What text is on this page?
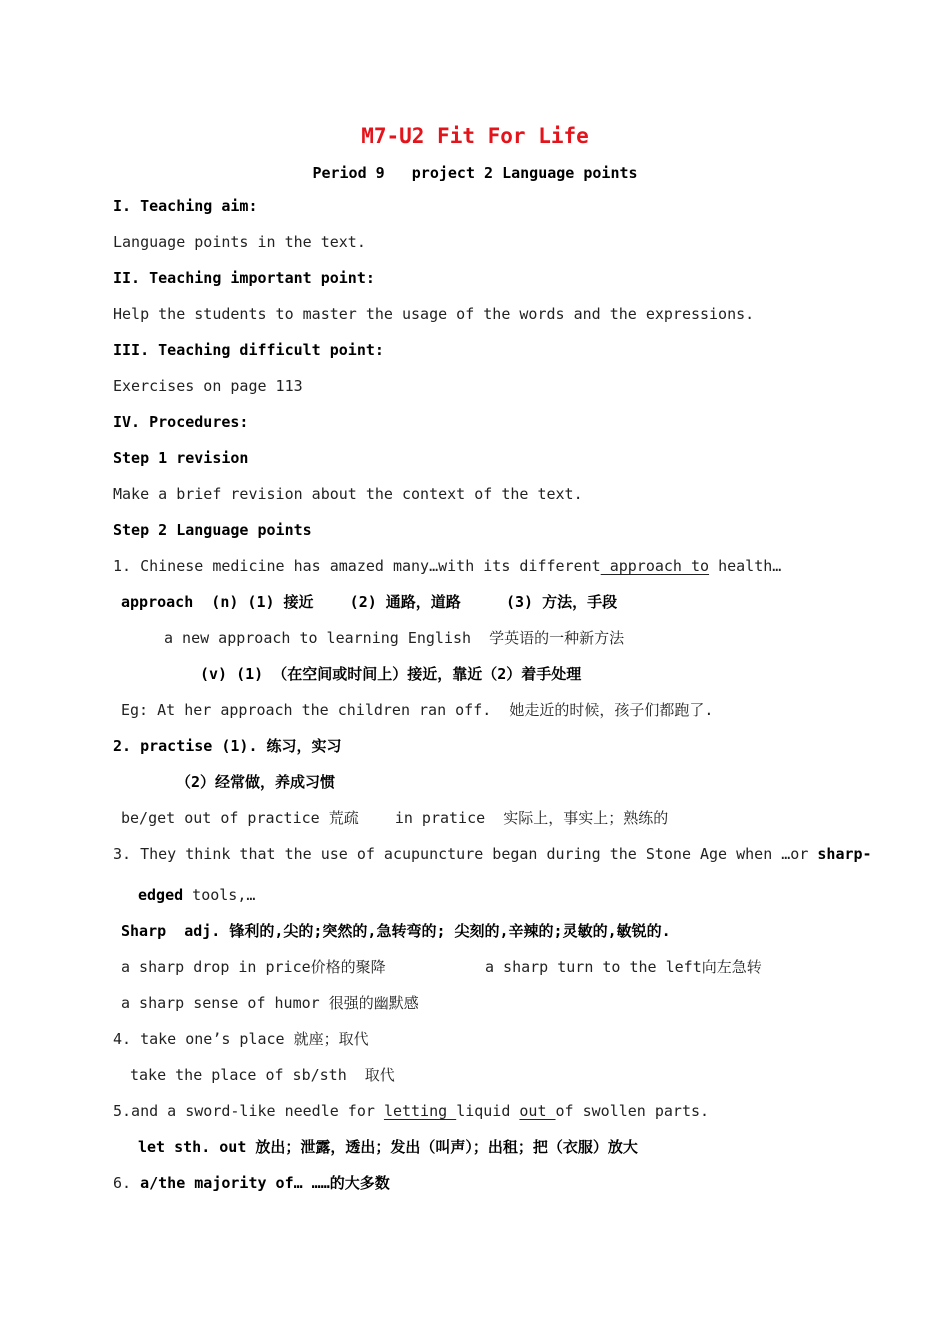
M7-U2 Fit For Life
Period 9   project 2 Language points
I. Teaching aim:
Language points in the text.
II. Teaching important point:
Help the students to master the usage of the words and the expressions.
III. Teaching difficult point:
Exercises on page 113
IV. Procedures:
Step 1 revision
Make a brief revision about the context of the text.
Step 2 Language points
1. Chinese medicine has amazed many…with its different approach to health…
approach  (n) (1) 接近    (2) 通路，道路     (3) 方法，手段
a new approach to learning English  学英语的一种新方法
(v) (1) （在空间或时间上）接近，靠近（2）着手处理
Eg: At her approach the children ran off.  她走近的时候，孩子们都跑了.
2. practise (1). 练习，实习
（2）经常做，养成习惯
be/get out of practice 荒疏    in pratice  实际上，事实上；熟练的
3. They think that the use of acupuncture began during the Stone Age when …or sharp-
edged tools,…
Sharp  adj. 锋利的,尖的;突然的,急转弯的; 尖刻的,辛辣的;灵敏的,敏锐的.
a sharp drop in price价格的聚降	a sharp turn to the left向左急转
a sharp sense of humor 很强的幽默感
4. take one’s place 就座；取代
take the place of sb/sth  取代
5.and a sword-like needle for letting liquid out of swollen parts.
let sth. out 放出；泄露，透出；发出（叫声）；出租；把（衣服）放大
6. a/the majority of… ……的大多数
